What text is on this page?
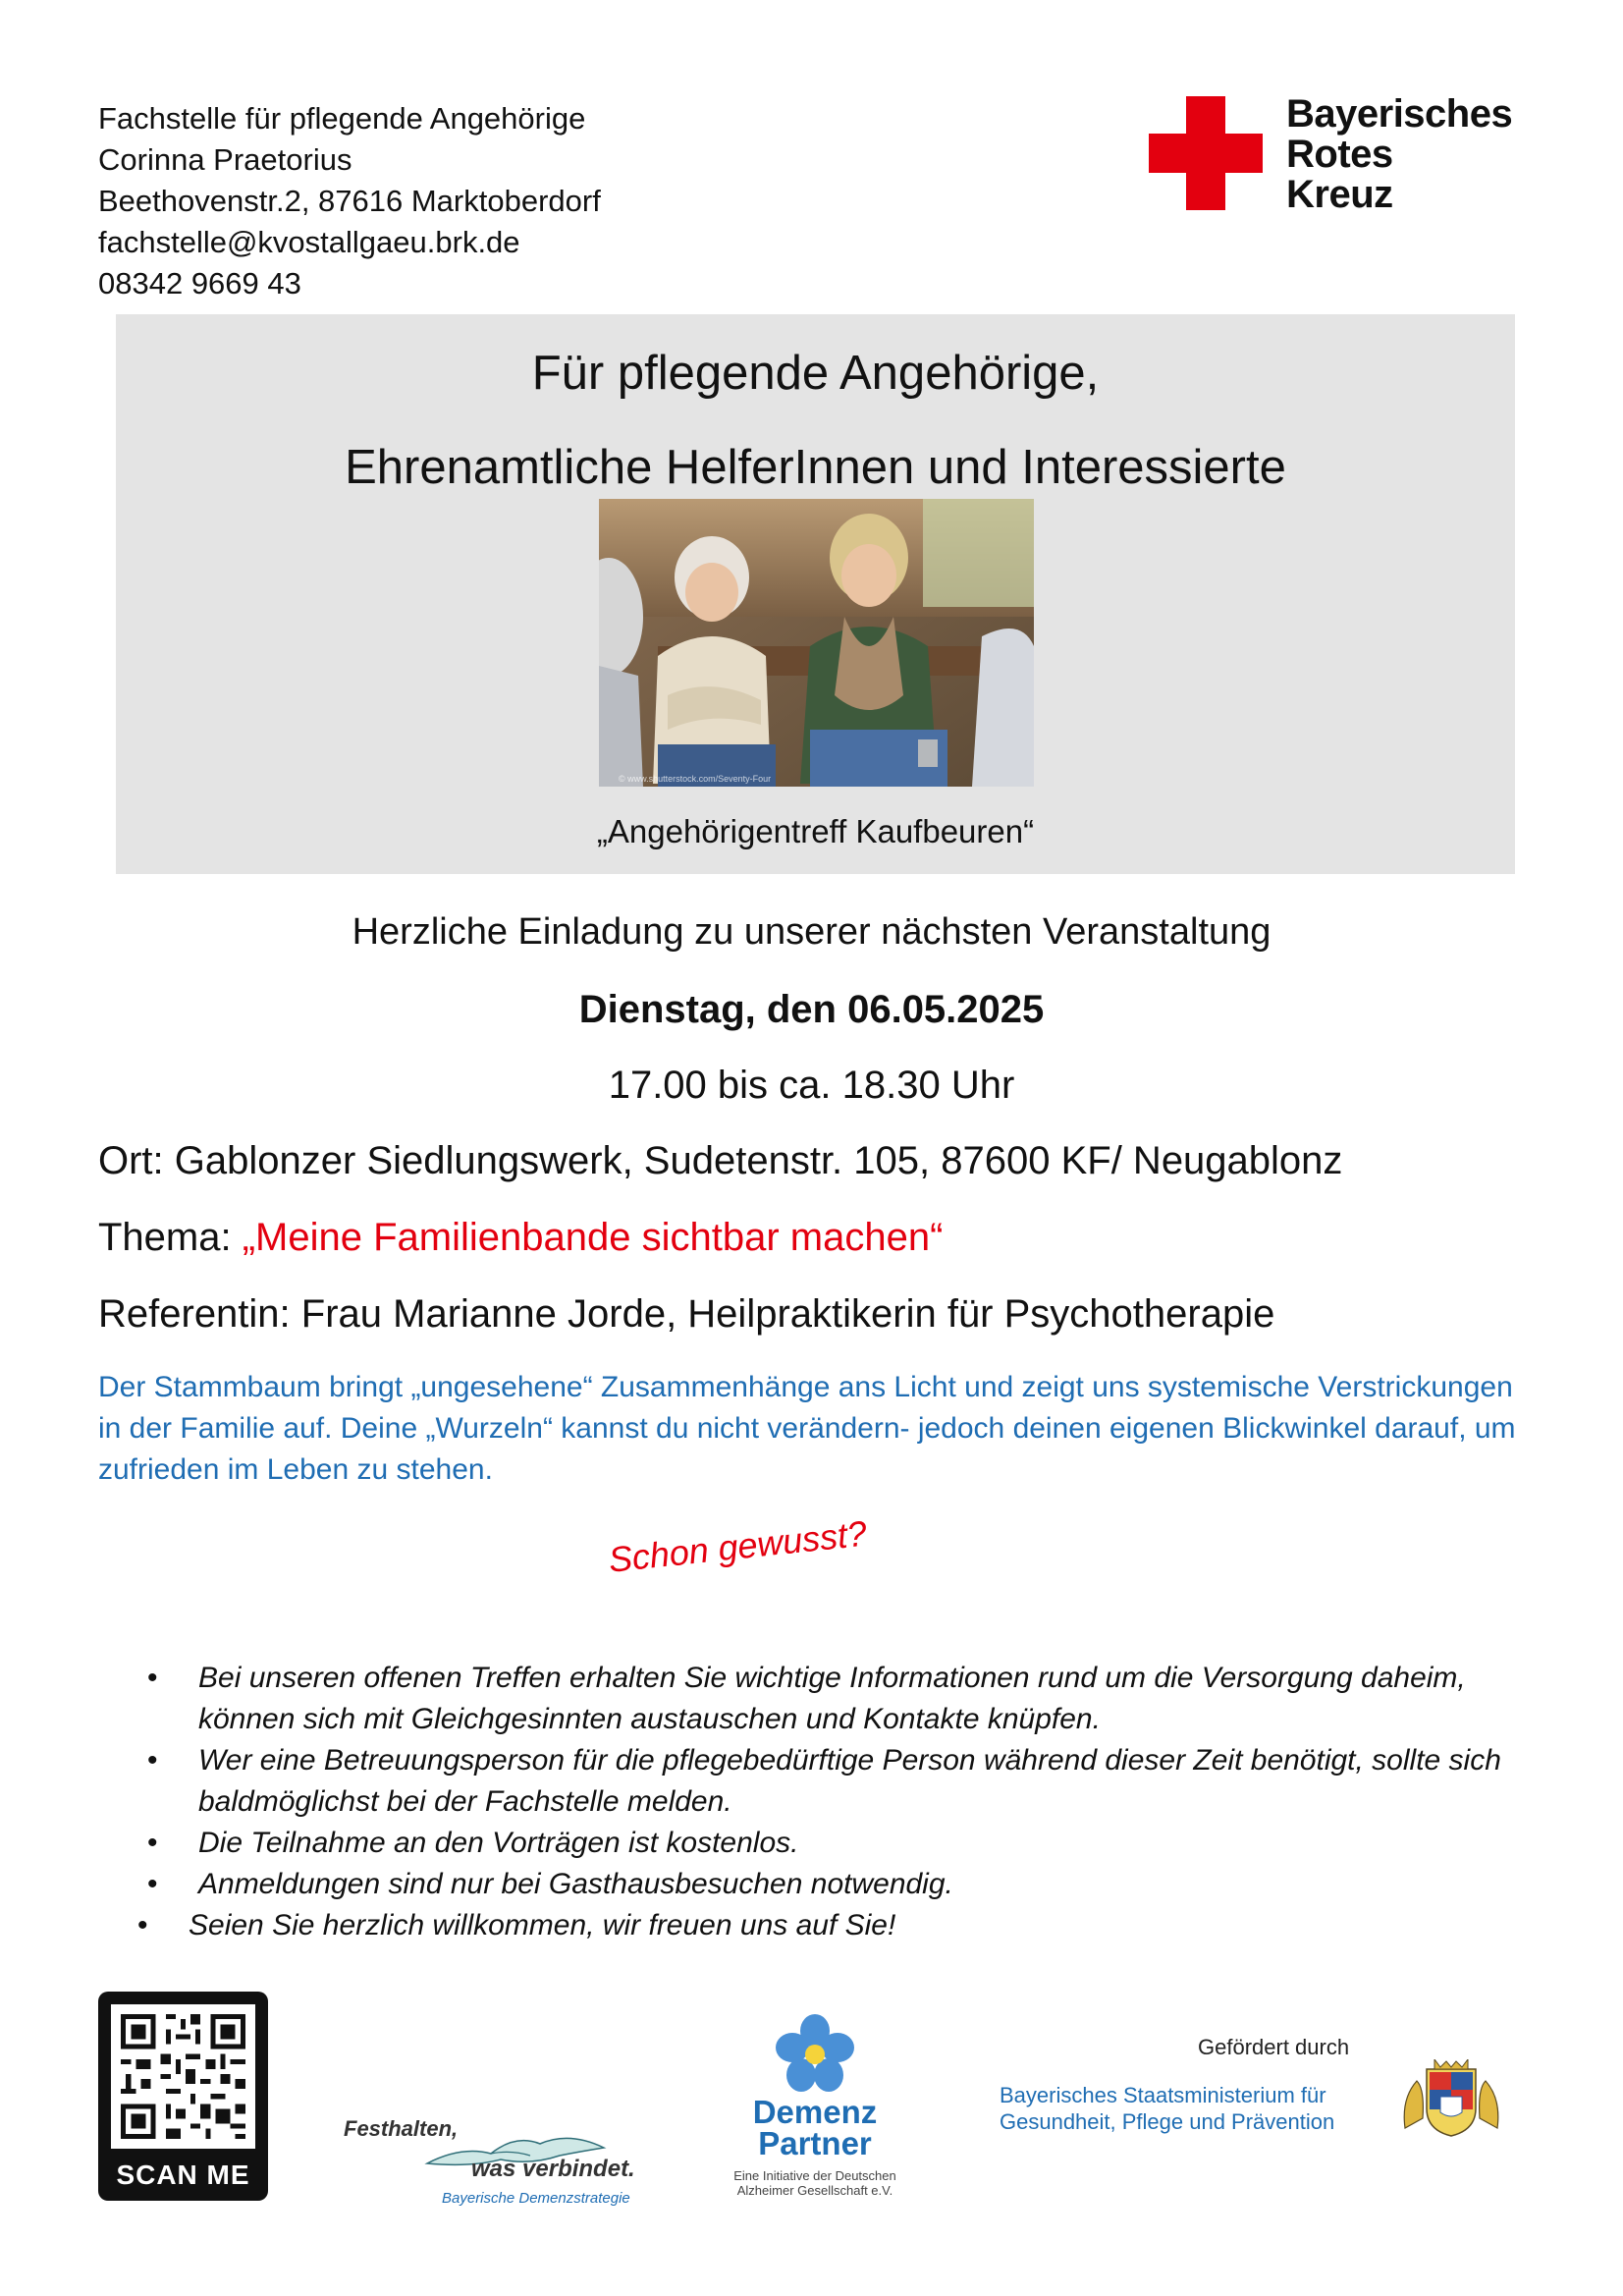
Fachstelle für pflegende Angehörige
Corinna Praetorius
Beethovenstr.2, 87616 Marktoberdorf
fachstelle@kvostallgaeu.brk.de
08342 9669 43
Bayerisches
Rotes
Kreuz
Für pflegende Angehörige,
Ehrenamtliche HelferInnen und Interessierte
© www.shutterstock.com/Seventy-Four
„Angehörigentreff Kaufbeuren“
Herzliche Einladung zu unserer nächsten Veranstaltung
Dienstag, den 06.05.2025
17.00 bis ca. 18.30 Uhr
Ort: Gablonzer Siedlungswerk, Sudetenstr. 105, 87600 KF/ Neugablonz
Thema: „Meine Familienbande sichtbar machen“
Referentin: Frau Marianne Jorde, Heilpraktikerin für Psychotherapie
Der Stammbaum bringt „ungesehene“ Zusammenhänge ans Licht und zeigt uns systemische Verstrickungen in der Familie auf. Deine „Wurzeln“ kannst du nicht verändern- jedoch deinen eigenen Blickwinkel darauf, um zufrieden im Leben zu stehen.
Schon gewusst?
• Bei unseren offenen Treffen erhalten Sie wichtige Informationen rund um die Versorgung daheim, können sich mit Gleichgesinnten austauschen und Kontakte knüpfen.
• Wer eine Betreuungsperson für die pflegebedürftige Person während dieser Zeit benötigt, sollte sich baldmöglichst bei der Fachstelle melden.
• Die Teilnahme an den Vorträgen ist kostenlos.
• Anmeldungen sind nur bei Gasthausbesuchen notwendig.
• Seien Sie herzlich willkommen, wir freuen uns auf Sie!
SCAN ME
Festhalten,
was verbindet.
Bayerische Demenzstrategie
Demenz
Partner
Eine Initiative der Deutschen
Alzheimer Gesellschaft e.V.
Gefördert durch
Bayerisches Staatsministerium für
Gesundheit, Pflege und Prävention
